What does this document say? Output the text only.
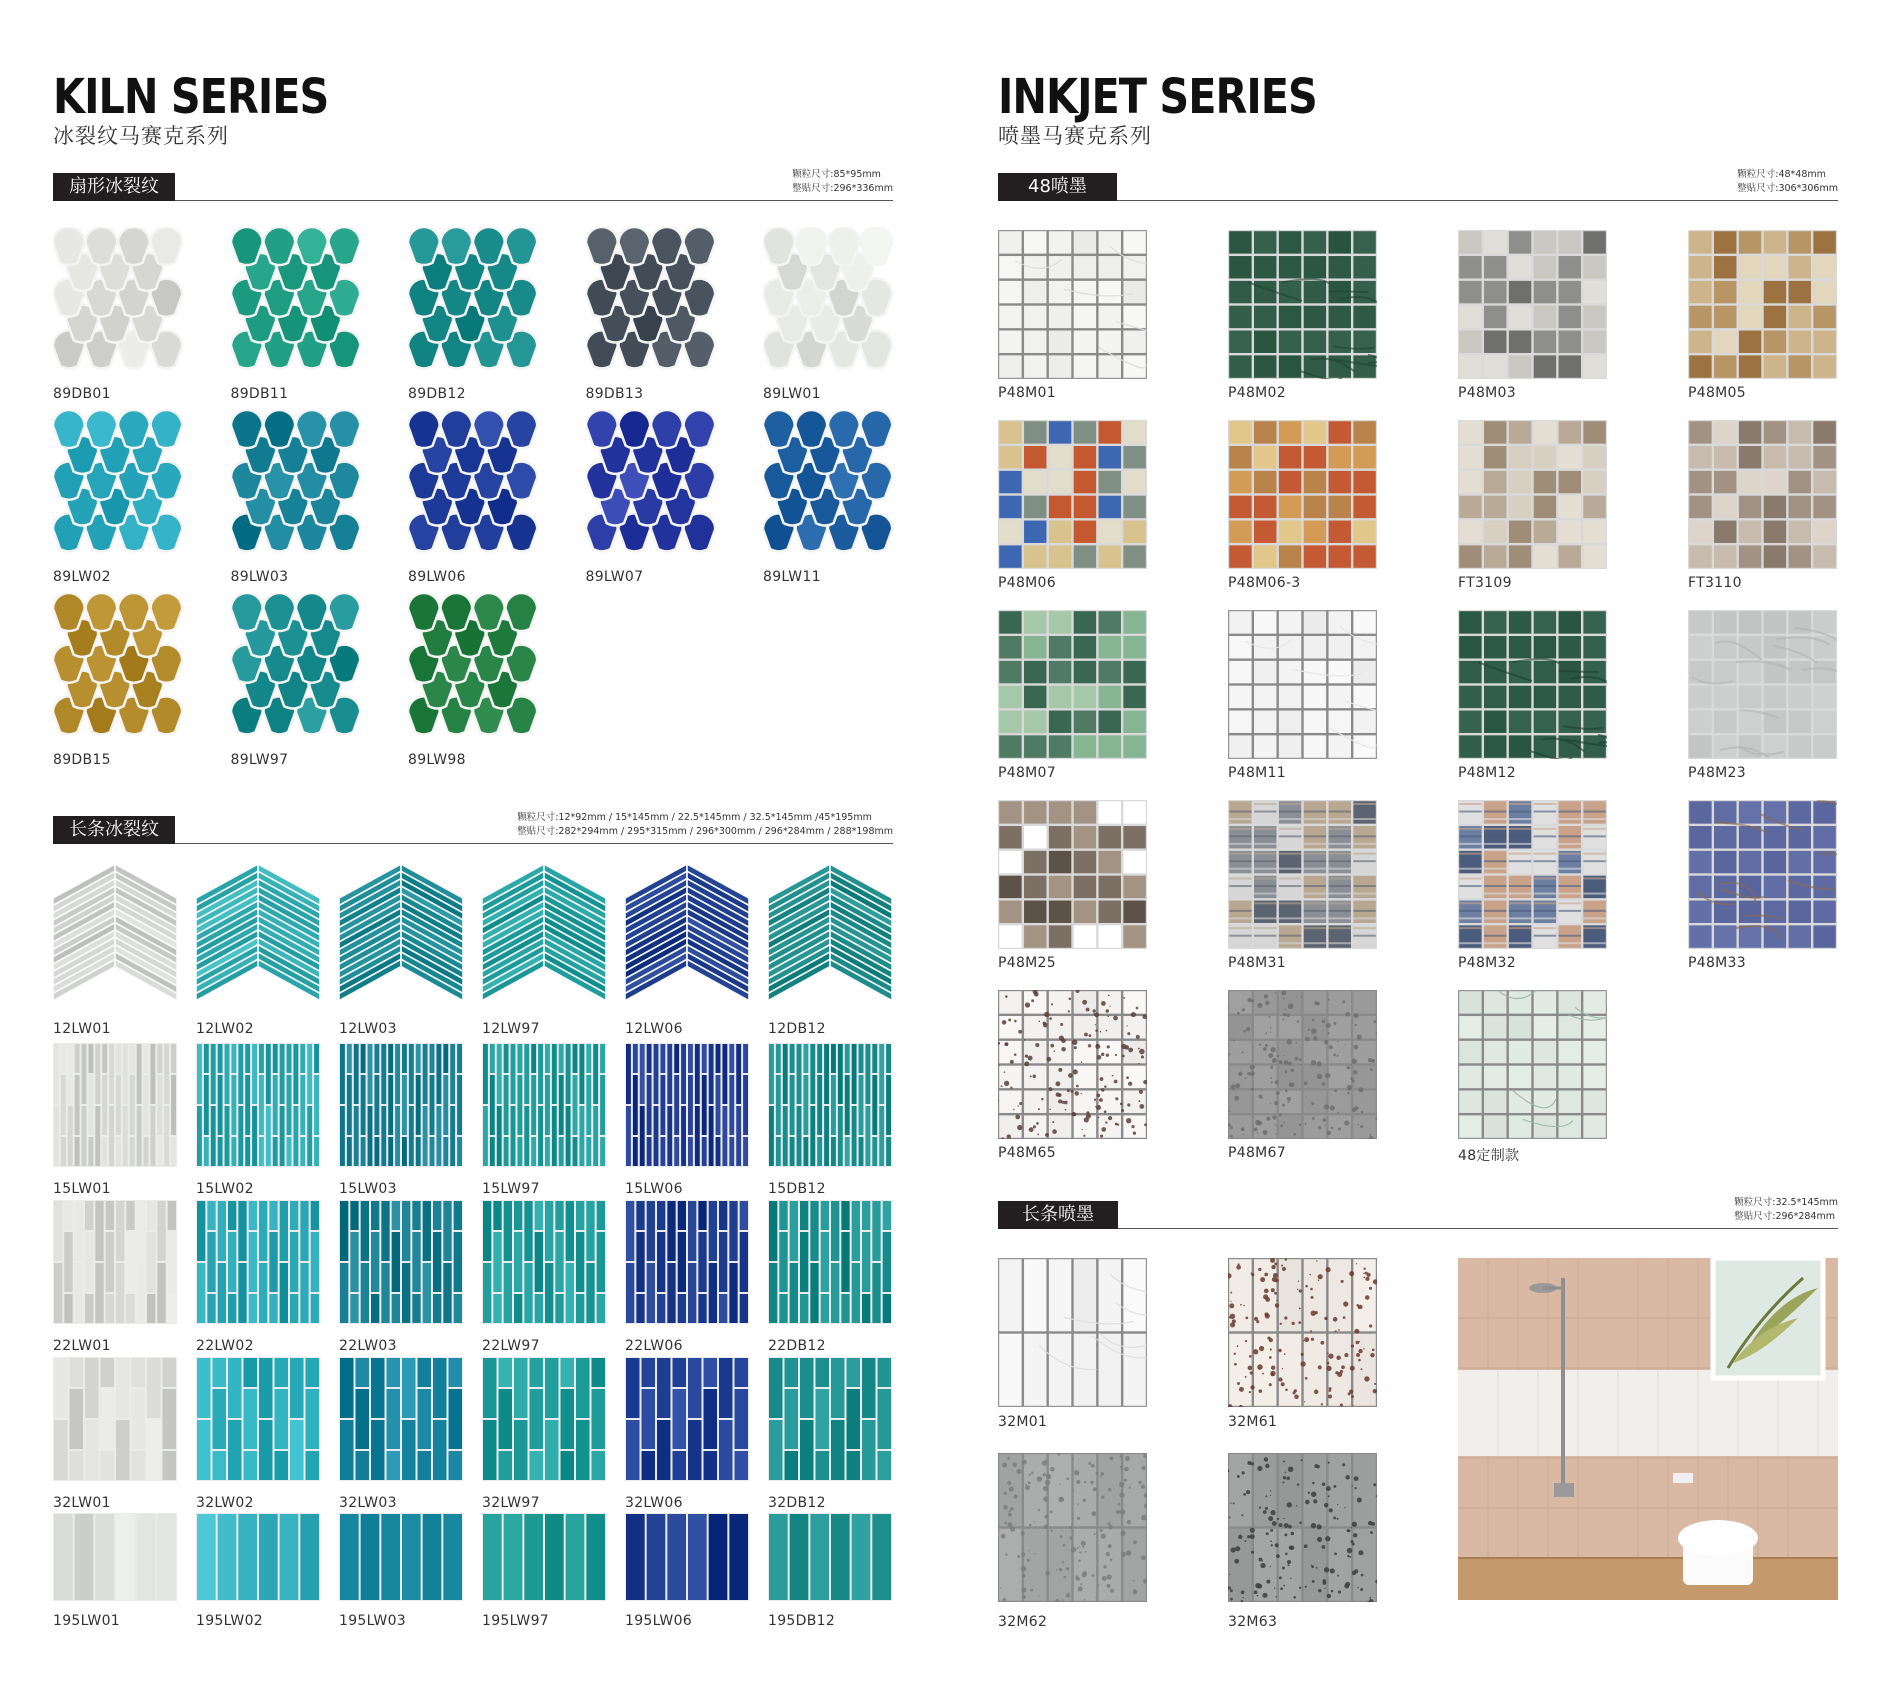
KILN SERIES
冰裂纹马赛克系列
INKJET SERIES
喷墨马赛克系列
扇形冰裂纹
颗粒尺寸:85*95mm
整贴尺寸:296*336mm
长条冰裂纹
颗粒尺寸:12*92mm / 15*145mm / 22.5*145mm / 32.5*145mm /45*195mm
整贴尺寸:282*294mm / 295*315mm / 296*300mm / 296*284mm / 288*198mm
48喷墨
颗粒尺寸:48*48mm
整贴尺寸:306*306mm
长条喷墨
颗粒尺寸:32.5*145mm
整贴尺寸:296*284mm
89DB01	89DB11	89DB12	89DB13	89LW01
89LW02	89LW03	89LW06	89LW07	89LW11
89DB15	89LW97	89LW98
12LW01	12LW02	12LW03	12LW97	12LW06	12DB12
15LW01	15LW02	15LW03	15LW97	15LW06	15DB12
22LW01	22LW02	22LW03	22LW97	22LW06	22DB12
32LW01	32LW02	32LW03	32LW97	32LW06	32DB12
195LW01	195LW02	195LW03	195LW97	195LW06	195DB12
P48M01	P48M02	P48M03	P48M05
P48M06	P48M06-3	FT3109	FT3110
P48M07	P48M11	P48M12	P48M23
P48M25	P48M31	P48M32	P48M33
P48M65	P48M67	48定制款
32M01	32M61
32M62	32M63
